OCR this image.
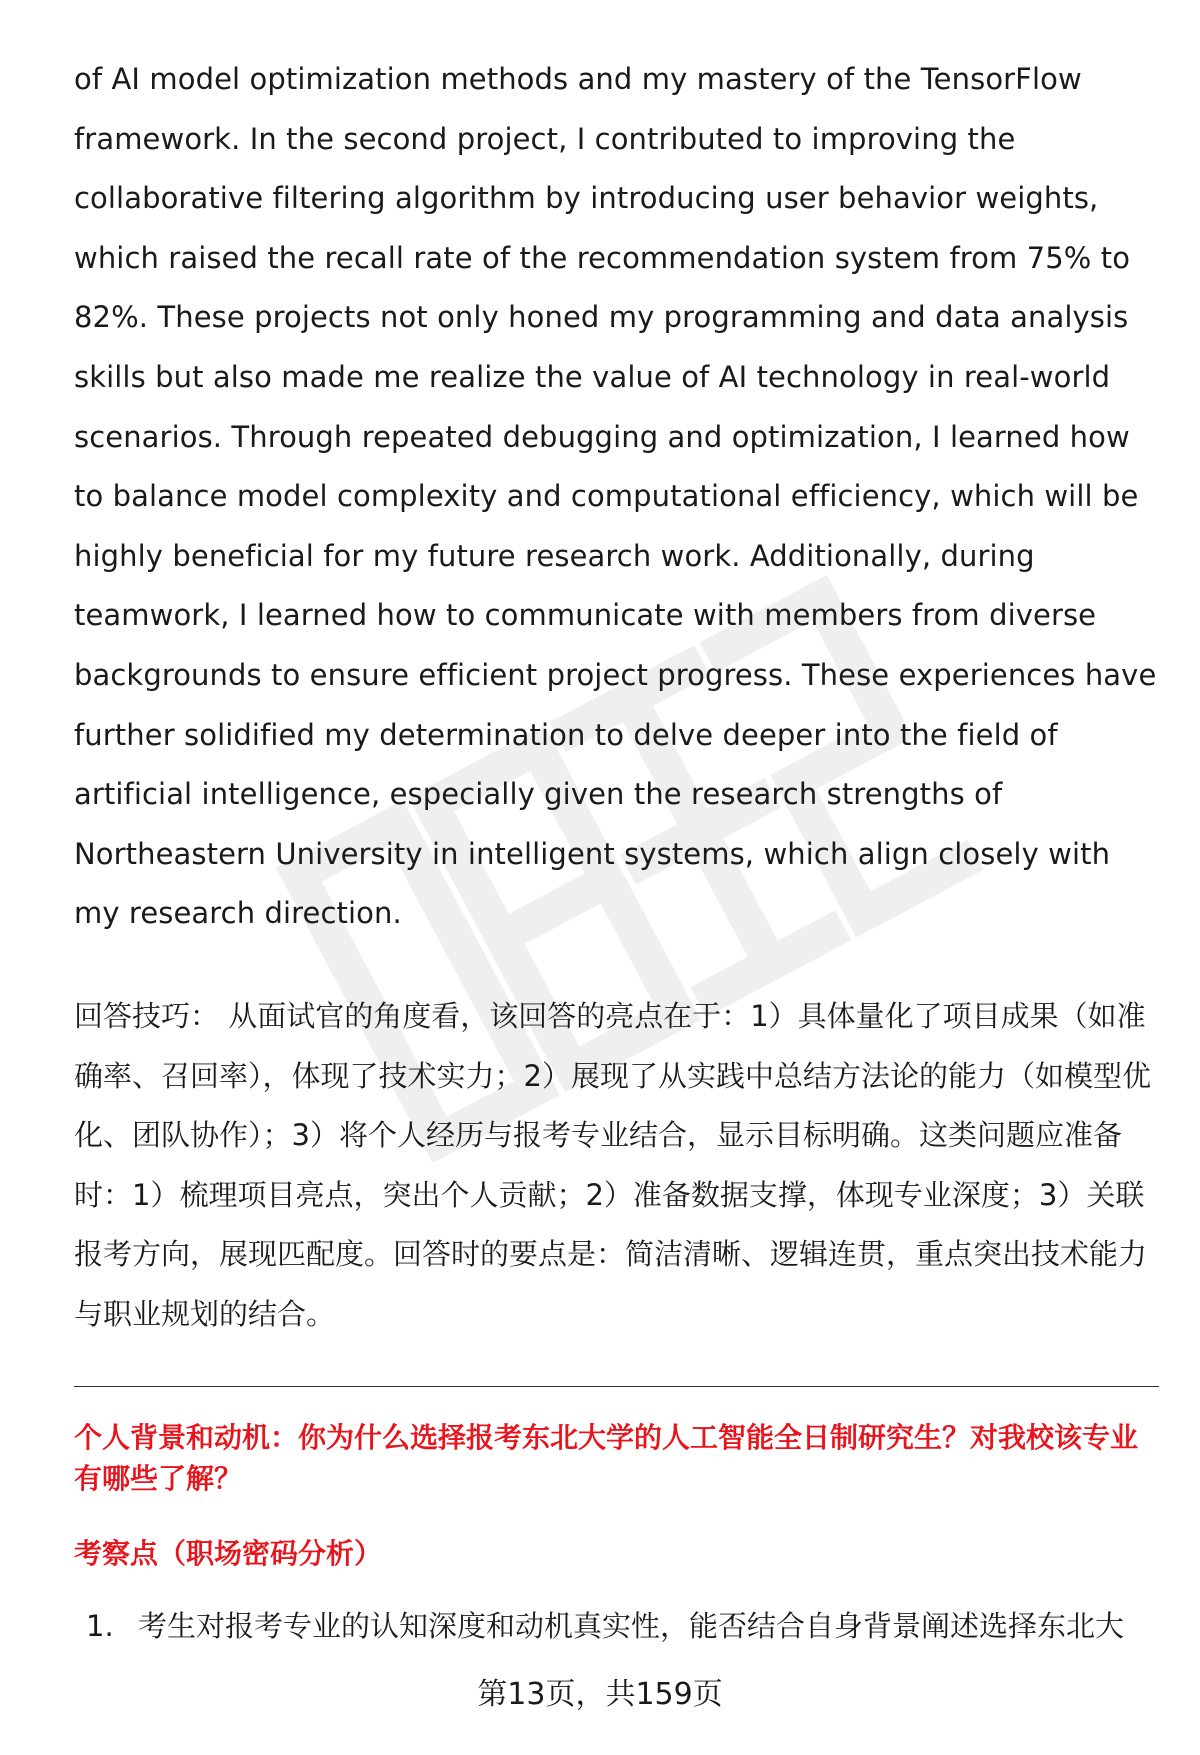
of AI model optimization methods and my mastery of the TensorFlow framework. In the second project, I contributed to improving the collaborative filtering algorithm by introducing user behavior weights, which raised the recall rate of the recommendation system from 75% to 82%. These projects not only honed my programming and data analysis skills but also made me realize the value of AI technology in real-world scenarios. Through repeated debugging and optimization, I learned how to balance model complexity and computational efficiency, which will be highly beneficial for my future research work. Additionally, during teamwork, I learned how to communicate with members from diverse backgrounds to ensure efficient project progress. These experiences have further solidified my determination to delve deeper into the field of artificial intelligence, especially given the research strengths of Northeastern University in intelligent systems, which align closely with my research direction.

回答技巧： 从面试官的角度看，该回答的亮点在于：1）具体量化了项目成果（如准确率、召回率），体现了技术实力；2）展现了从实践中总结方法论的能力（如模型优化、团队协作）；3）将个人经历与报考专业结合，显示目标明确。这类问题应准备时：1）梳理项目亮点，突出个人贡献；2）准备数据支撑，体现专业深度；3）关联报考方向，展现匹配度。回答时的要点是：简洁清晰、逻辑连贯，重点突出技术能力与职业规划的结合。

个人背景和动机：你为什么选择报考东北大学的人工智能全日制研究生？对我校该专业有哪些了解？

考察点（职场密码分析）

1. 考生对报考专业的认知深度和动机真实性，能否结合自身背景阐述选择东北大
第13页，共159页
